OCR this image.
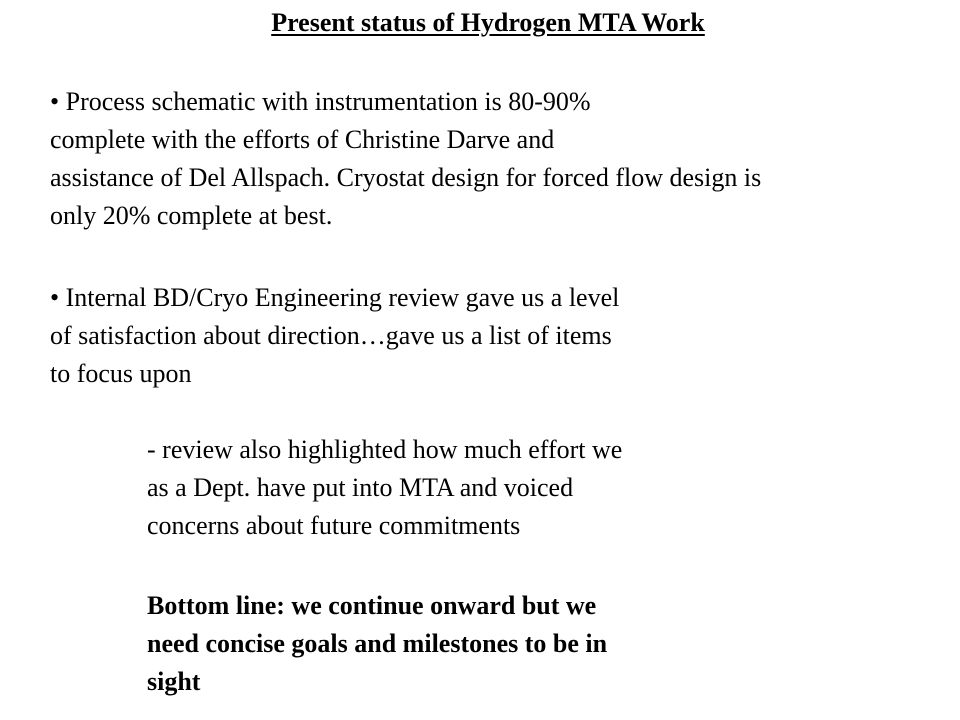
Present status of Hydrogen MTA Work

• Process schematic with instrumentation is 80-90%
complete with the efforts of Christine Darve and
assistance of Del Allspach. Cryostat design for forced flow design is
only 20% complete at best.

• Internal BD/Cryo Engineering review gave us a level
of satisfaction about direction…gave us a list of items
to focus upon

- review also highlighted how much effort we
as a Dept. have put into MTA and voiced
concerns about future commitments

Bottom line: we continue onward but we
need concise goals and milestones to be in
sight
